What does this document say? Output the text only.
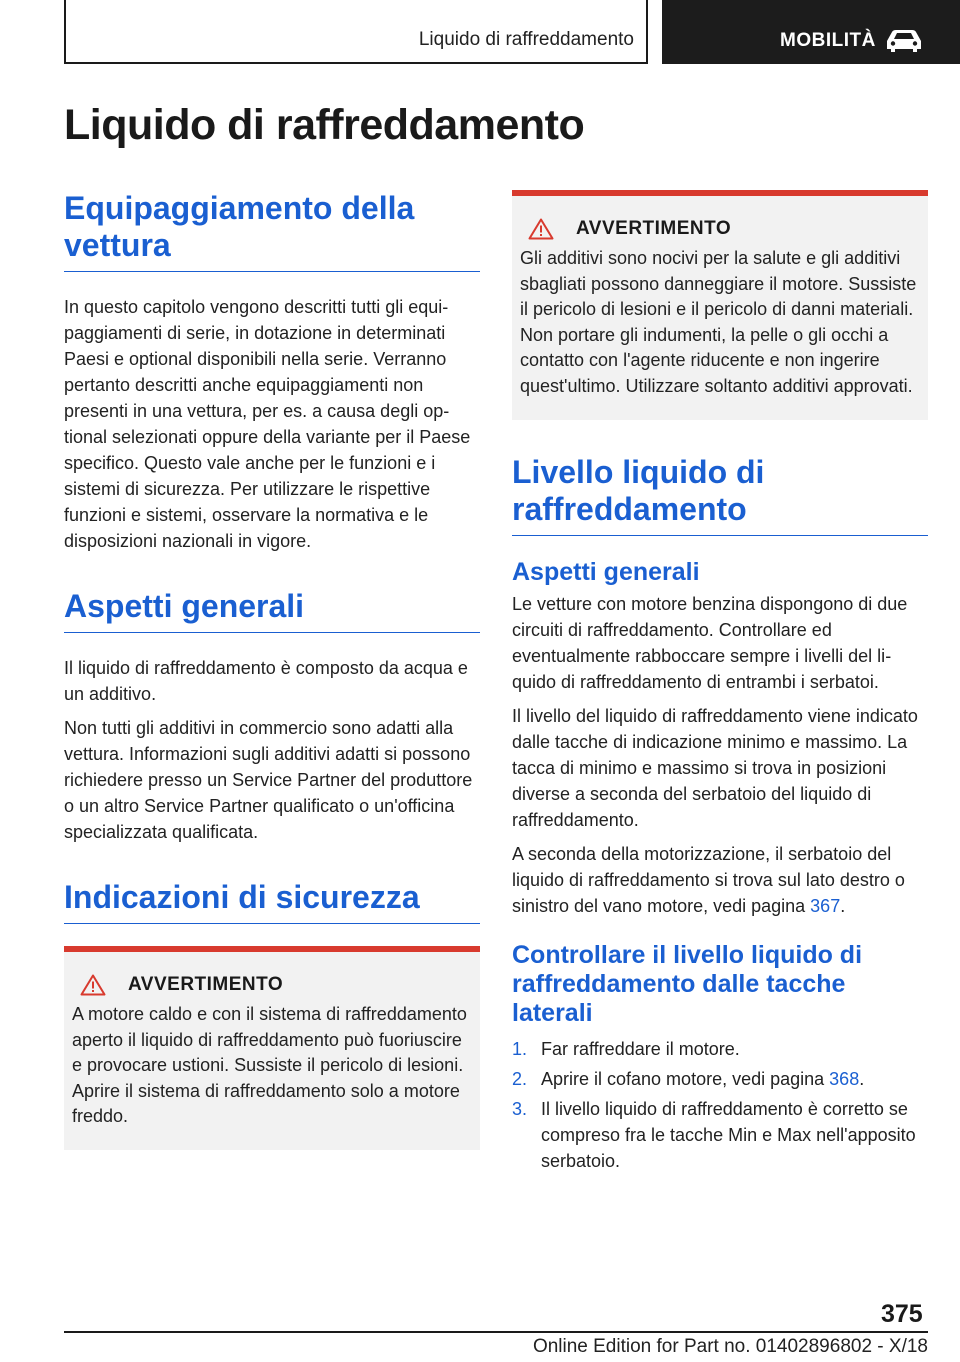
Liquido di raffreddamento	MOBILITÀ
Liquido di raffreddamento
Equipaggiamento della vettura

In questo capitolo vengono descritti tutti gli equipaggiamenti di serie, in dotazione in determinati Paesi e optional disponibili nella serie. Verranno pertanto descritti anche equipaggiamenti non presenti in una vettura, per es. a causa degli optional selezionati oppure della variante per il Paese specifico. Questo vale anche per le funzioni e i sistemi di sicurezza. Per utilizzare le rispettive funzioni e sistemi, osservare la normativa e le disposizioni nazionali in vigore.

Aspetti generali

Il liquido di raffreddamento è composto da acqua e un additivo.

Non tutti gli additivi in commercio sono adatti alla vettura. Informazioni sugli additivi adatti si possono richiedere presso un Service Partner del produttore o un altro Service Partner qualificato o un'officina specializzata qualificata.

Indicazioni di sicurezza
AVVERTIMENTO

A motore caldo e con il sistema di raffreddamento aperto il liquido di raffreddamento può fuoriuscire e provocare ustioni. Sussiste il pericolo di lesioni. Aprire il sistema di raffreddamento solo a motore freddo.

AVVERTIMENTO

Gli additivi sono nocivi per la salute e gli additivi sbagliati possono danneggiare il motore. Sussiste il pericolo di lesioni e il pericolo di danni materiali. Non portare gli indumenti, la pelle o gli occhi a contatto con l'agente riducente e non ingerire quest'ultimo. Utilizzare soltanto additivi approvati.

Livello liquido di raffreddamento
Aspetti generali

Le vetture con motore benzina dispongono di due circuiti di raffreddamento. Controllare ed eventualmente rabboccare sempre i livelli del liquido di raffreddamento di entrambi i serbatoi.

Il livello del liquido di raffreddamento viene indicato dalle tacche di indicazione minimo e massimo. La tacca di minimo e massimo si trova in posizioni diverse a seconda del serbatoio del liquido di raffreddamento.

A seconda della motorizzazione, il serbatoio del liquido di raffreddamento si trova sul lato destro o sinistro del vano motore, vedi pagina 367.

Controllare il livello liquido di raffreddamento dalle tacche laterali
1. Far raffreddare il motore.
2. Aprire il cofano motore, vedi pagina 368.
3. Il livello liquido di raffreddamento è corretto se compreso fra le tacche Min e Max nell'apposito serbatoio.
375
Online Edition for Part no. 01402896802 - X/18
